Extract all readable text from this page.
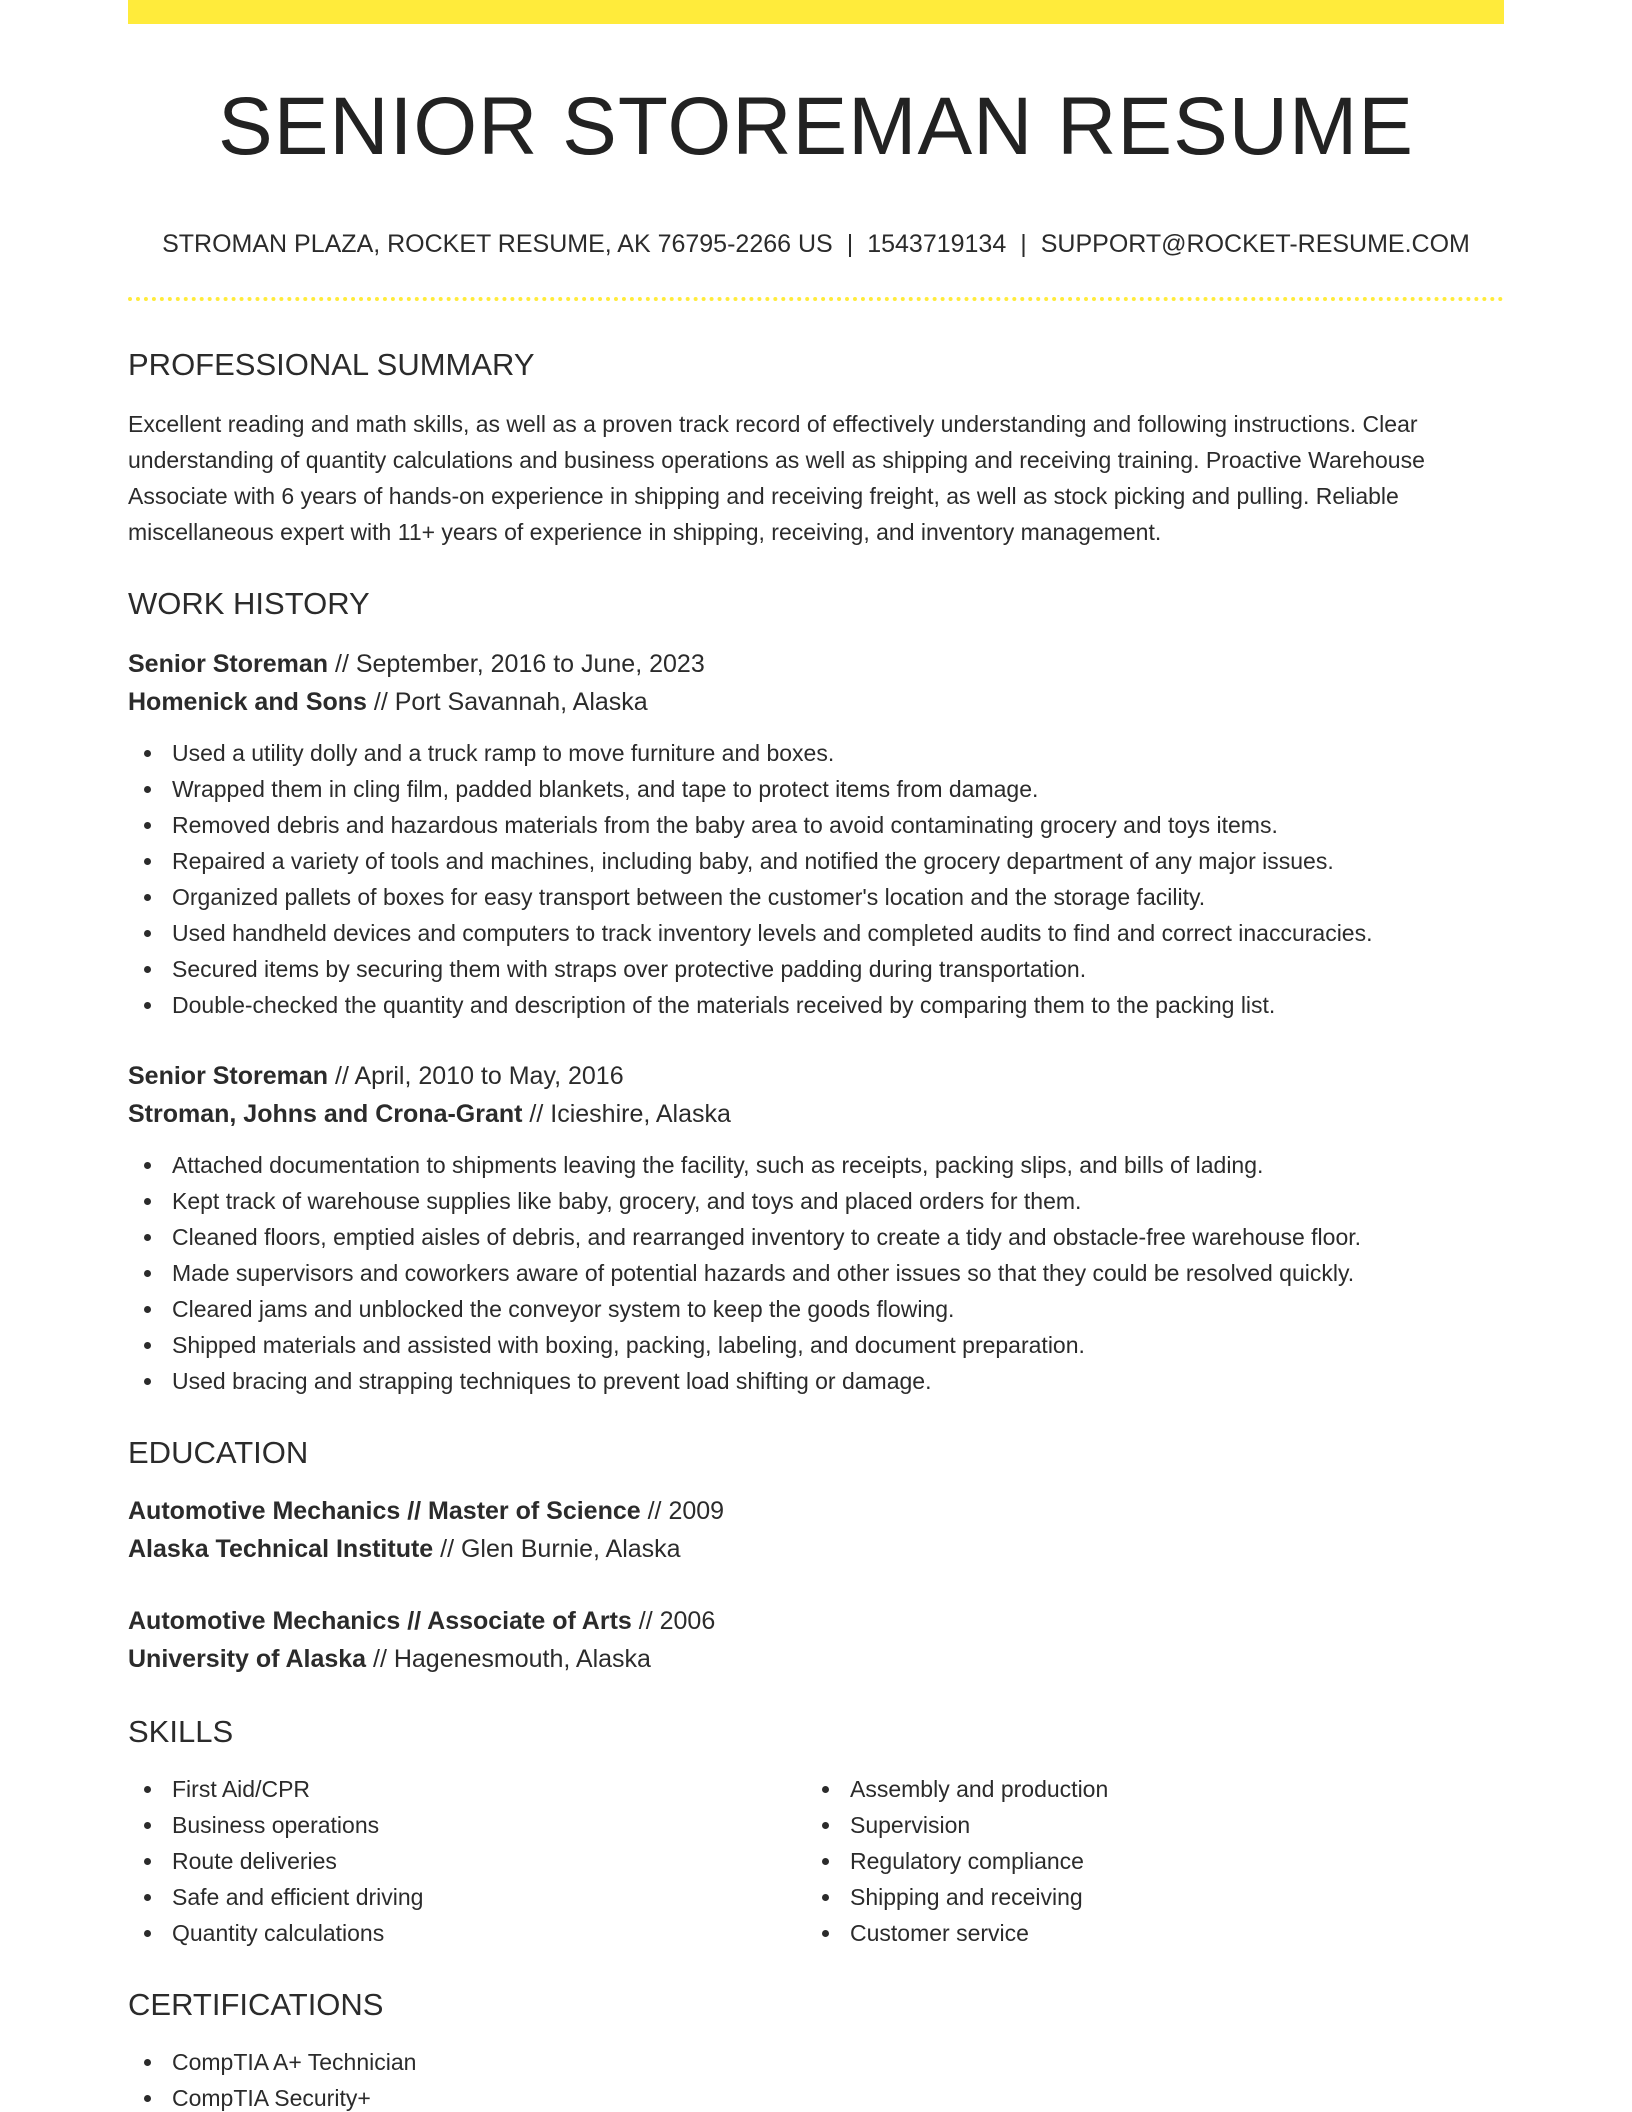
SENIOR STOREMAN RESUME
STROMAN PLAZA, ROCKET RESUME, AK 76795-2266 US | 1543719134 | SUPPORT@ROCKET-RESUME.COM
PROFESSIONAL SUMMARY

Excellent reading and math skills, as well as a proven track record of effectively understanding and following instructions. Clear understanding of quantity calculations and business operations as well as shipping and receiving training. Proactive Warehouse Associate with 6 years of hands-on experience in shipping and receiving freight, as well as stock picking and pulling. Reliable miscellaneous expert with 11+ years of experience in shipping, receiving, and inventory management.

WORK HISTORY
Senior Storeman // September, 2016 to June, 2023
Homenick and Sons // Port Savannah, Alaska
Used a utility dolly and a truck ramp to move furniture and boxes.
Wrapped them in cling film, padded blankets, and tape to protect items from damage.
Removed debris and hazardous materials from the baby area to avoid contaminating grocery and toys items.
Repaired a variety of tools and machines, including baby, and notified the grocery department of any major issues.
Organized pallets of boxes for easy transport between the customer's location and the storage facility.
Used handheld devices and computers to track inventory levels and completed audits to find and correct inaccuracies.
Secured items by securing them with straps over protective padding during transportation.
Double-checked the quantity and description of the materials received by comparing them to the packing list.
Senior Storeman // April, 2010 to May, 2016
Stroman, Johns and Crona-Grant // Icieshire, Alaska
Attached documentation to shipments leaving the facility, such as receipts, packing slips, and bills of lading.
Kept track of warehouse supplies like baby, grocery, and toys and placed orders for them.
Cleaned floors, emptied aisles of debris, and rearranged inventory to create a tidy and obstacle-free warehouse floor.
Made supervisors and coworkers aware of potential hazards and other issues so that they could be resolved quickly.
Cleared jams and unblocked the conveyor system to keep the goods flowing.
Shipped materials and assisted with boxing, packing, labeling, and document preparation.
Used bracing and strapping techniques to prevent load shifting or damage.
EDUCATION
Automotive Mechanics // Master of Science // 2009
Alaska Technical Institute // Glen Burnie, Alaska
Automotive Mechanics // Associate of Arts // 2006
University of Alaska // Hagenesmouth, Alaska
SKILLS
First Aid/CPR
Business operations
Route deliveries
Safe and efficient driving
Quantity calculations
Assembly and production
Supervision
Regulatory compliance
Shipping and receiving
Customer service
CERTIFICATIONS
CompTIA A+ Technician
CompTIA Security+
